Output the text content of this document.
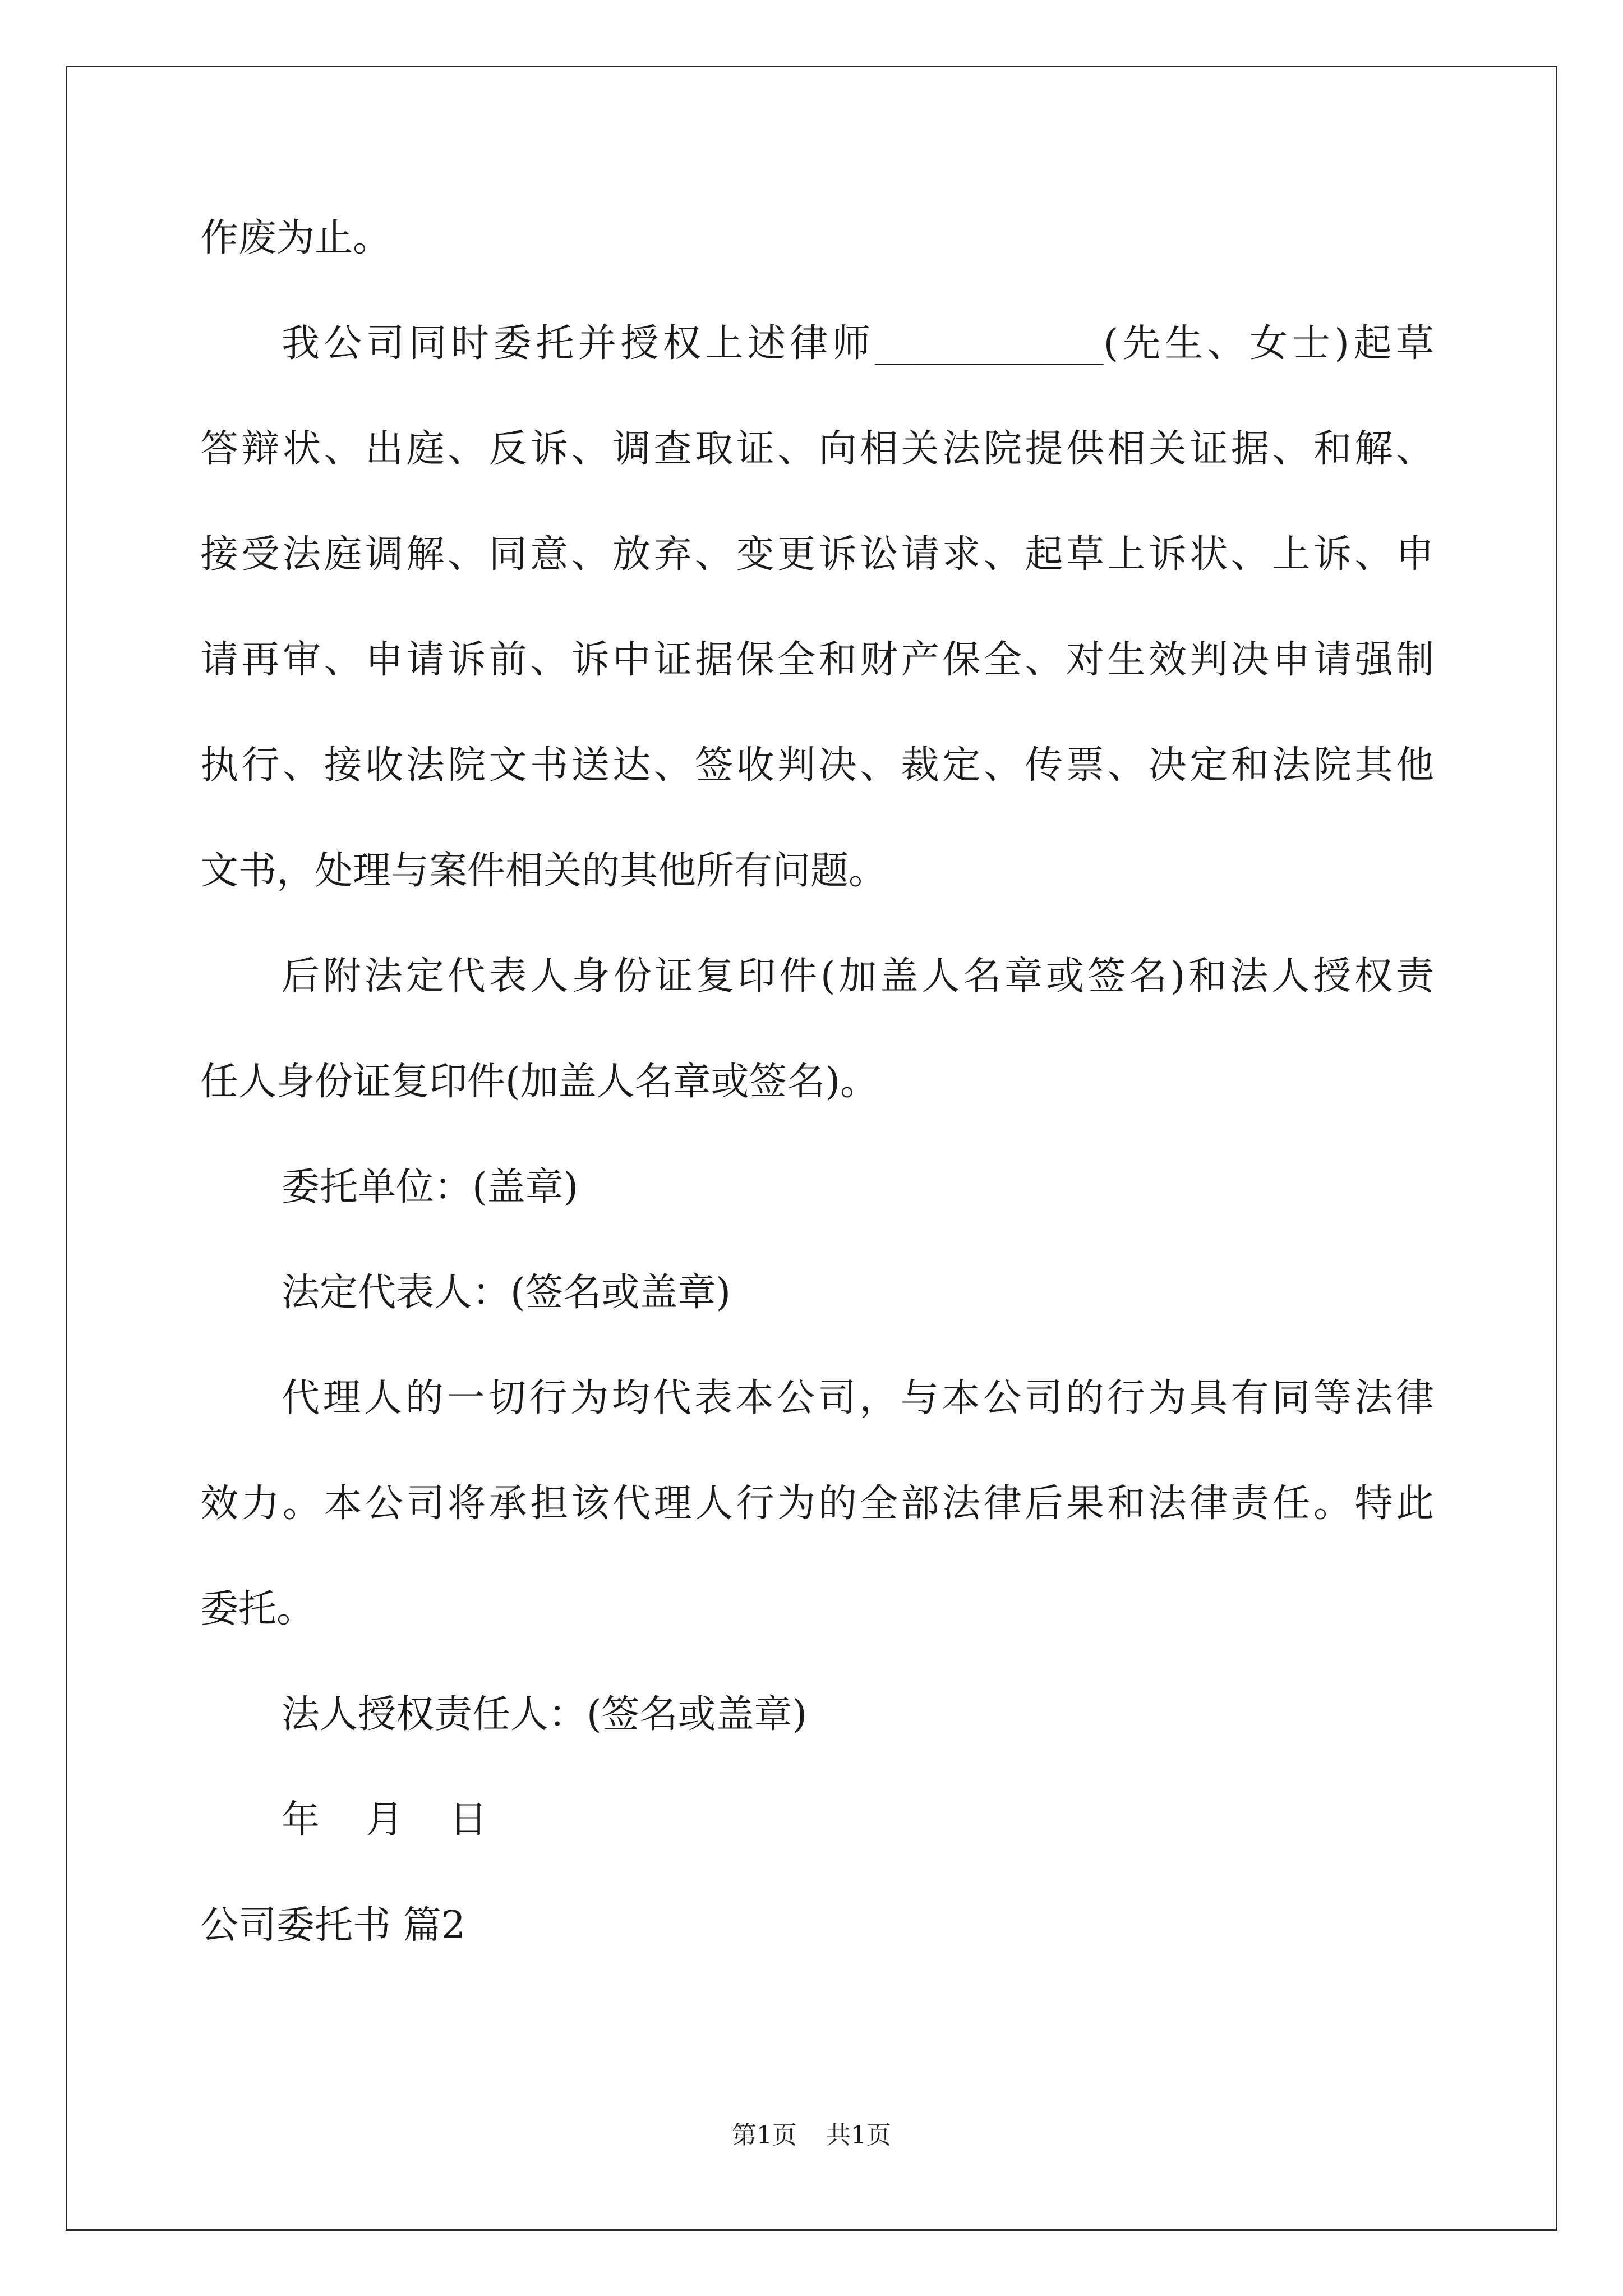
作废为止。
我公司同时委托并授权上述律师____________(先生、女士)起草
答辩状、出庭、反诉、调查取证、向相关法院提供相关证据、和解、
接受法庭调解、同意、放弃、变更诉讼请求、起草上诉状、上诉、申
请再审、申请诉前、诉中证据保全和财产保全、对生效判决申请强制
执行、接收法院文书送达、签收判决、裁定、传票、决定和法院其他
文书，处理与案件相关的其他所有问题。
后附法定代表人身份证复印件(加盖人名章或签名)和法人授权责
任人身份证复印件(加盖人名章或签名)。
委托单位：(盖章)
法定代表人：(签名或盖章)
代理人的一切行为均代表本公司，与本公司的行为具有同等法律
效力。本公司将承担该代理人行为的全部法律后果和法律责任。特此
委托。
法人授权责任人：(签名或盖章)
年 月 日
公司委托书 篇2
第1页 共1页
